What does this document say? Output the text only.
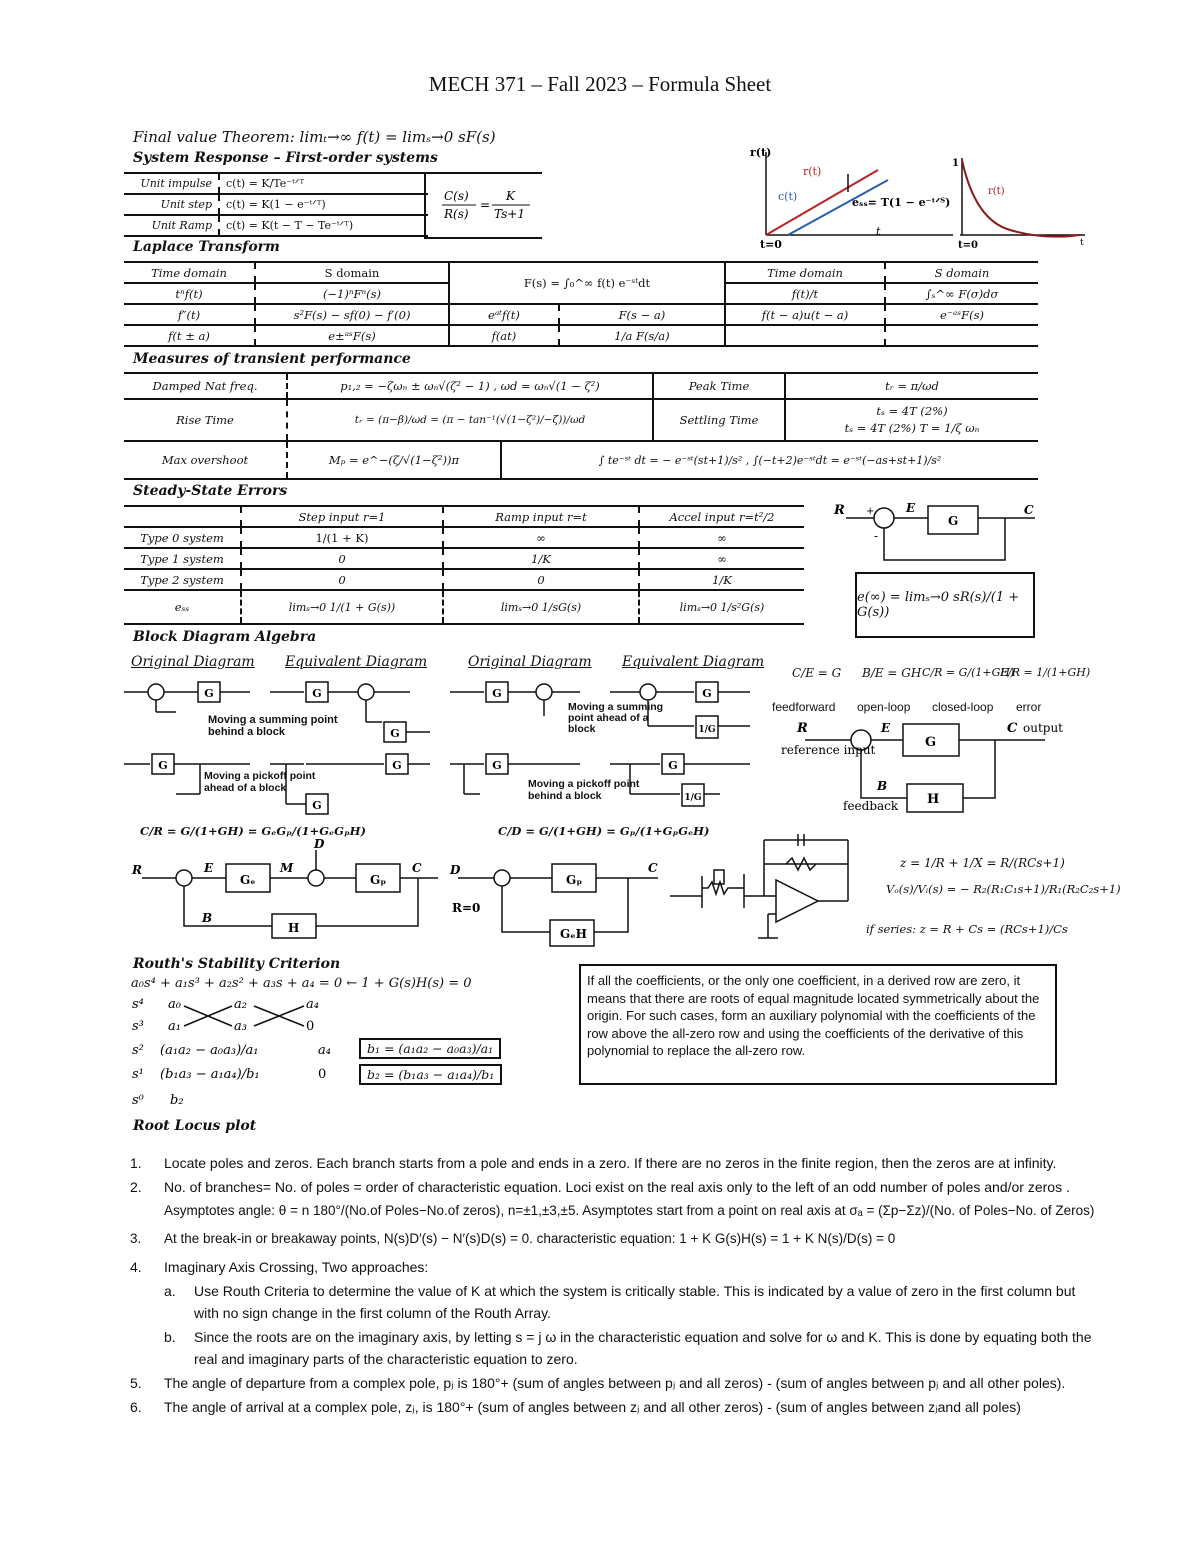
MECH 371 – Fall 2023 – Formula Sheet
Final value Theorem: limₜ→∞ f(t) = limₛ→0 sF(s)
System Response – First-order systems
Unit impulse	c(t) = K/Te⁻ᵗᐟᵀ
Unit step	c(t) = K(1 − e⁻ᵗᐟᵀ)
Unit Ramp	c(t) = K(t − T − Te⁻ᵗᐟᵀ)
C(s)
R(s)
=
K
Ts+1
r(t)
c(t)
r(t)
eₛₛ= T(1 − e⁻ᵗᐟᵀ)
t
t=0
1
r(t)
t=0	t
Laplace Transform
Time domain	S domain	F(s) = ∫₀^∞ f(t) e⁻ˢᵗdt		Time domain	S domain
tⁿf(t)	(−1)ⁿFⁿ(s)			f(t)/t	∫ₛ^∞ F(σ)dσ
f″(t)	s²F(s) − sf(0) − f′(0)	eᵃᵗf(t)	F(s − a)	f(t − a)u(t − a)	e⁻ᵃˢF(s)
f(t ± a)	e±ᵃˢF(s)	f(at)	1/a F(s/a)		
Measures of transient performance
Damped Nat freq.	p₁,₂ = −ζωₙ ± ωₙ√(ζ² − 1) , ωd = ωₙ√(1 − ζ²)		Peak Time	tᵣ = π/ωd
Rise Time	tᵣ = (π−β)/ωd = (π − tan⁻¹(√(1−ζ²)/−ζ))/ωd		Settling Time	tₛ = 4T (2%)
tₛ = 4T (2%) T = 1/ζ ωₙ

Max overshoot	Mₚ = e^−(ζ/√(1−ζ²))π	∫ te⁻ˢᵗ dt = − e⁻ˢᵗ(st+1)/s² , ∫(−t+2)e⁻ˢᵗdt = e⁻ˢᵗ(−as+st+1)/s²		
Steady-State Errors
	Step input r=1	Ramp input r=t	Accel input r=t²/2
Type 0 system	1/(1 + K)	∞	∞
Type 1 system	0	1/K	∞
Type 2 system	0	0	1/K
eₛₛ	limₛ→0 1/(1 + G(s))	limₛ→0 1/sG(s)	limₛ→0 1/s²G(s)
R +
-
E
G
C
e(∞) = limₛ→0 sR(s)/(1 + G(s))
Block Diagram Algebra
Original Diagram Equivalent Diagram	Original Diagram Equivalent Diagram
G	G
G
G	G
1/G
G
G
G	G	G
1/G
Moving a summing point behind a block
Moving a summing point ahead of a block
Moving a pickoff point ahead of a block	Moving a pickoff point behind a block
C/E = G B/E = GH C/R = G/(1+GH)
E/R = 1/(1+GH)
feedforward open-loop closed-loop error
R
reference input
E
G
C output
B
feedback H
C/R = G/(1+GH) = GₑGₚ/(1+GₑGₚH)	C/D = G/(1+GH) = Gₚ/(1+GₚGₑH)
R	E
Gₑ
M
D
Gₚ
C
B
H
D
R=0
Gₚ
C
GₑH
z = 1/R + 1/X = R/(RCs+1)
Vₒ(s)/Vᵢ(s) = − R₂(R₁C₁s+1)/R₁(R₂C₂s+1)
if series: z = R + Cs = (RCs+1)/Cs
Routh's Stability Criterion
a₀s⁴ + a₁s³ + a₂s² + a₃s + a₄ = 0 ← 1 + G(s)H(s) = 0
s⁴ a₀	a₂	a₄
s³ a₁	a₃	0
s² (a₁a₂ − a₀a₃)/a₁	a₄
s¹ (b₁a₃ − a₁a₄)/b₁	0
s⁰ b₂
b₁ = (a₁a₂ − a₀a₃)/a₁
b₂ = (b₁a₃ − a₁a₄)/b₁
If all the coefficients, or the only one coefficient, in a derived row are zero, it means that there are roots of equal magnitude located symmetrically about the origin. For such cases, form an auxiliary polynomial with the coefficients of the row above the all-zero row and using the coefficients of the derivative of this polynomial to replace the all-zero row.
Root Locus plot
1. Locate poles and zeros. Each branch starts from a pole and ends in a zero. If there are no zeros in the finite region, then the zeros are at infinity.
2. No. of branches= No. of poles = order of characteristic equation. Loci exist on the real axis only to the left of an odd number of poles and/or zeros .
Asymptotes angle: θ = n 180°/(No.of Poles−No.of zeros), n=±1,±3,±5. Asymptotes start from a point on real axis at σₐ = (Σp−Σz)/(No. of Poles−No. of Zeros)
3. At the break-in or breakaway points, N(s)D′(s) − N′(s)D(s) = 0. characteristic equation: 1 + K G(s)H(s) = 1 + K N(s)/D(s) = 0
4. Imaginary Axis Crossing, Two approaches:
a. Use Routh Criteria to determine the value of K at which the system is critically stable. This is indicated by a value of zero in the first column but with no sign change in the first column of the Routh Array.
b. Since the roots are on the imaginary axis, by letting s = j ω in the characteristic equation and solve for ω and K. This is done by equating both the real and imaginary parts of the characteristic equation to zero.
5. The angle of departure from a complex pole, pⱼ is 180°+ (sum of angles between pⱼ and all zeros) - (sum of angles between pⱼ and all other poles).
6. The angle of arrival at a complex pole, zⱼ, is 180°+ (sum of angles between zⱼ and all other zeros) - (sum of angles between zⱼand all poles)
